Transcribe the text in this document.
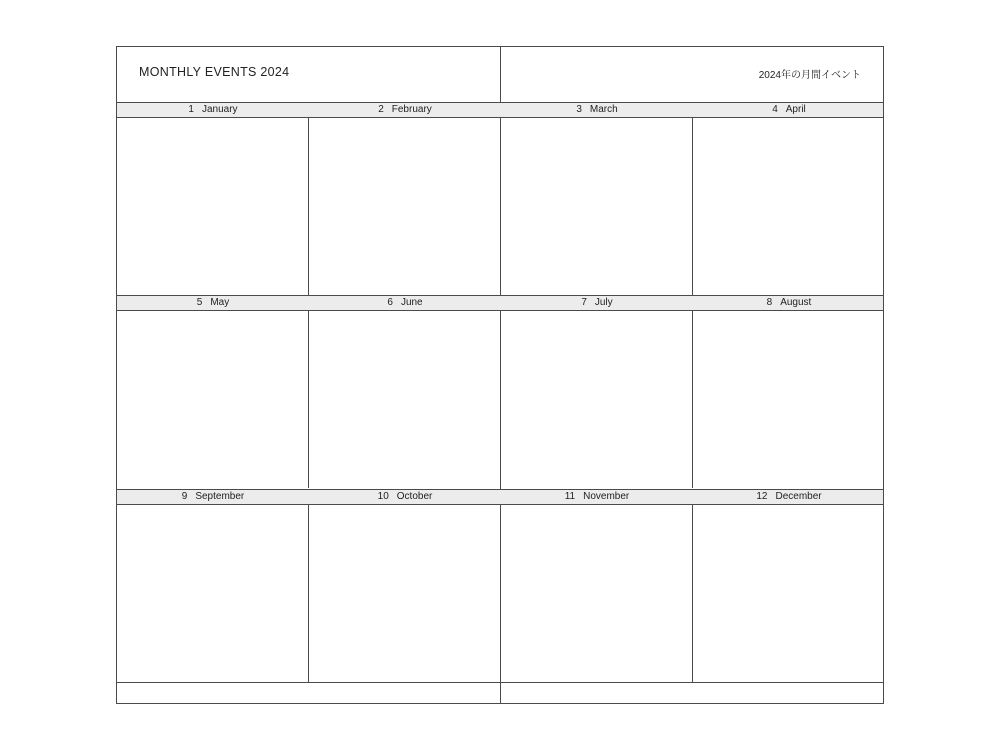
MONTHLY EVENTS 2024	2024年の月間イベント
1 January	2 February	3 March	4 April
5 May	6 June	7 July	8 August
9 September	10 October	11 November	12 December
